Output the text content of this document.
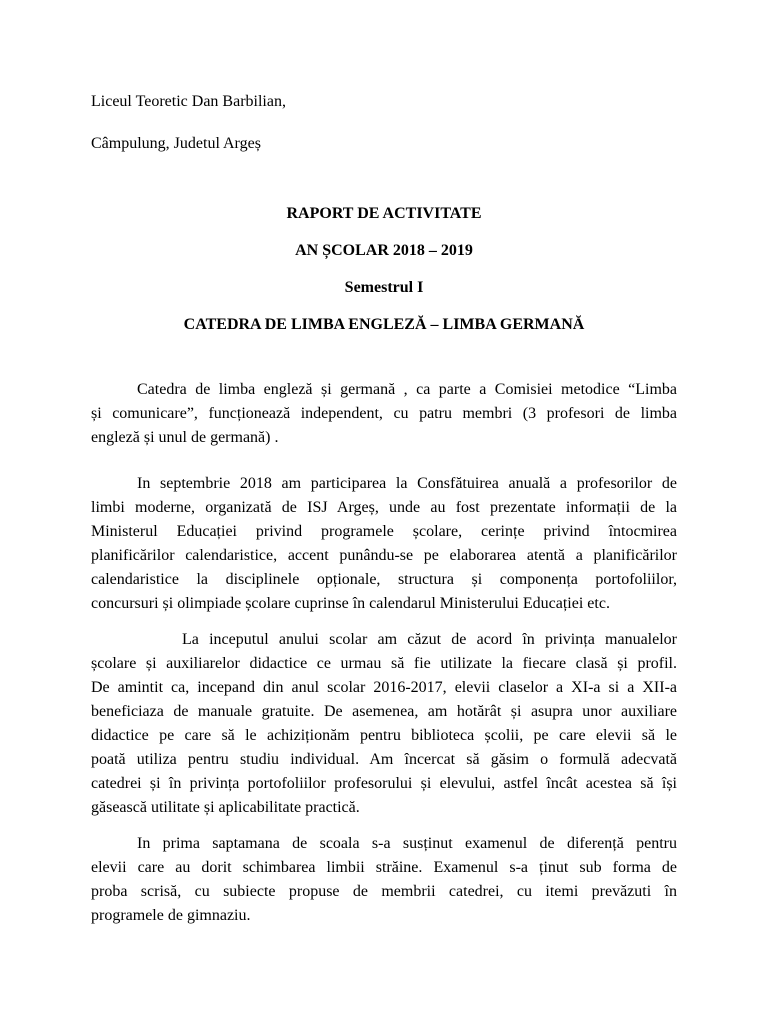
Liceul Teoretic Dan Barbilian,
Câmpulung, Judetul Argeș
RAPORT DE ACTIVITATE
AN ȘCOLAR 2018 – 2019
Semestrul I
CATEDRA DE LIMBA ENGLEZĂ – LIMBA GERMANĂ
Catedra de limba engleză și germană , ca parte a Comisiei metodice “Limba
și comunicare”, funcționează independent, cu patru membri (3 profesori de limba
engleză și unul de germană) .
In septembrie 2018 am participarea la Consfătuirea anuală a profesorilor de
limbi moderne, organizată de ISJ Argeș, unde au fost prezentate informații de la
Ministerul Educației privind programele școlare, cerințe privind întocmirea
planificărilor calendaristice, accent punându-se pe elaborarea atentă a planificărilor
calendaristice la disciplinele opționale, structura și componența portofoliilor,
concursuri și olimpiade școlare cuprinse în calendarul Ministerului Educației etc.
La inceputul anului scolar am căzut de acord în privința manualelor
școlare și auxiliarelor didactice ce urmau să fie utilizate la fiecare clasă și profil.
De amintit ca, incepand din anul scolar 2016-2017, elevii claselor a XI-a si a XII-a
beneficiaza de manuale gratuite. De asemenea, am hotărât și asupra unor auxiliare
didactice pe care să le achiziționăm pentru biblioteca școlii, pe care elevii să le
poată utiliza pentru studiu individual. Am încercat să găsim o formulă adecvată
catedrei și în privința portofoliilor profesorului și elevului, astfel încât acestea să își
găsească utilitate și aplicabilitate practică.
In prima saptamana de scoala s-a susținut examenul de diferență pentru
elevii care au dorit schimbarea limbii străine. Examenul s-a ținut sub forma de
proba scrisă, cu subiecte propuse de membrii catedrei, cu itemi prevăzuti în
programele de gimnaziu.
